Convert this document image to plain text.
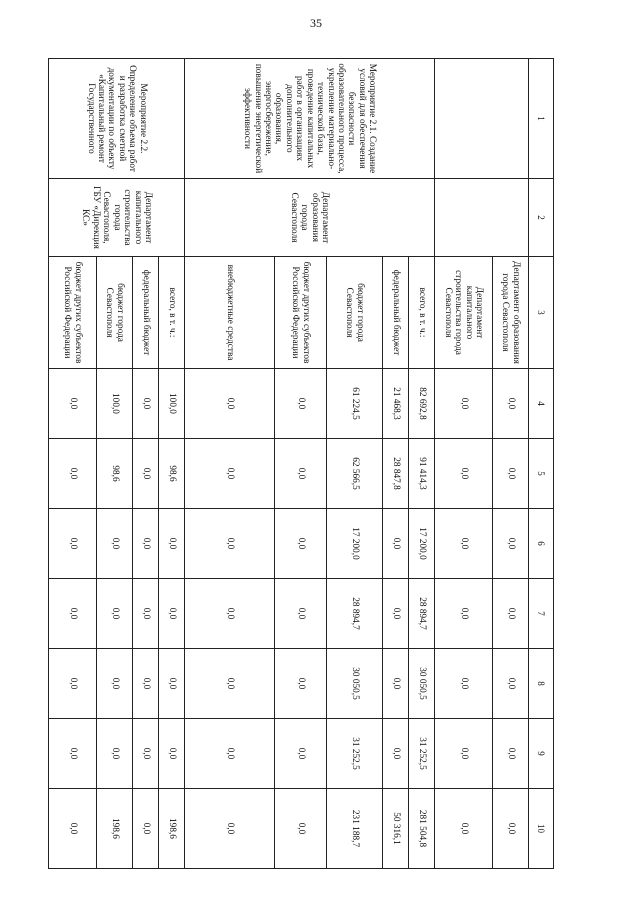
35
1	2	3	4	5	6	7	8	9	10
		Департамент образования города Севастополя	0,0	0,0	0,0	0,0	0,0	0,0	0,0
		Департамент капитального строительства города Севастополя	0,0	0,0	0,0	0,0	0,0	0,0	0,0
Мероприятие 2.1. Создание условий для обеспечения безопасности образовательного процесса, укрепление материально-технической базы, проведение капитальных работ в организациях дополнительного образования, энергосбережение, повышение энергетической эффективности	Департамент образования города Севастополя	всего, в т. ч.:	82 692,8	91 414,3	17 200,0	28 894,7	30 050,5	31 252,5	281 504,8
		федеральный бюджет	21 468,3	28 847,8	0,0	0,0	0,0	0,0	50 316,1
		бюджет города Севастополя	61 224,5	62 566,5	17 200,0	28 894,7	30 050,5	31 252,5	231 188,7
		бюджет других субъектов Российской Федерации	0,0	0,0	0,0	0,0	0,0	0,0	0,0
		внебюджетные средства	0,0	0,0	0,0	0,0	0,0	0,0	0,0
Мероприятие 2.2. Определение объема работ и разработка сметной документации по объекту «Капитальный ремонт Государственного	Департамент капитального строительства города Севастополя, ГБУ «Дирекция КС»	всего, в т. ч.:	100,0	98,6	0,0	0,0	0,0	0,0	198,6
		федеральный бюджет	0,0	0,0	0,0	0,0	0,0	0,0	0,0
		бюджет города Севастополя	100,0	98,6	0,0	0,0	0,0	0,0	198,6
		бюджет других субъектов Российской Федерации	0,0	0,0	0,0	0,0	0,0	0,0	0,0
